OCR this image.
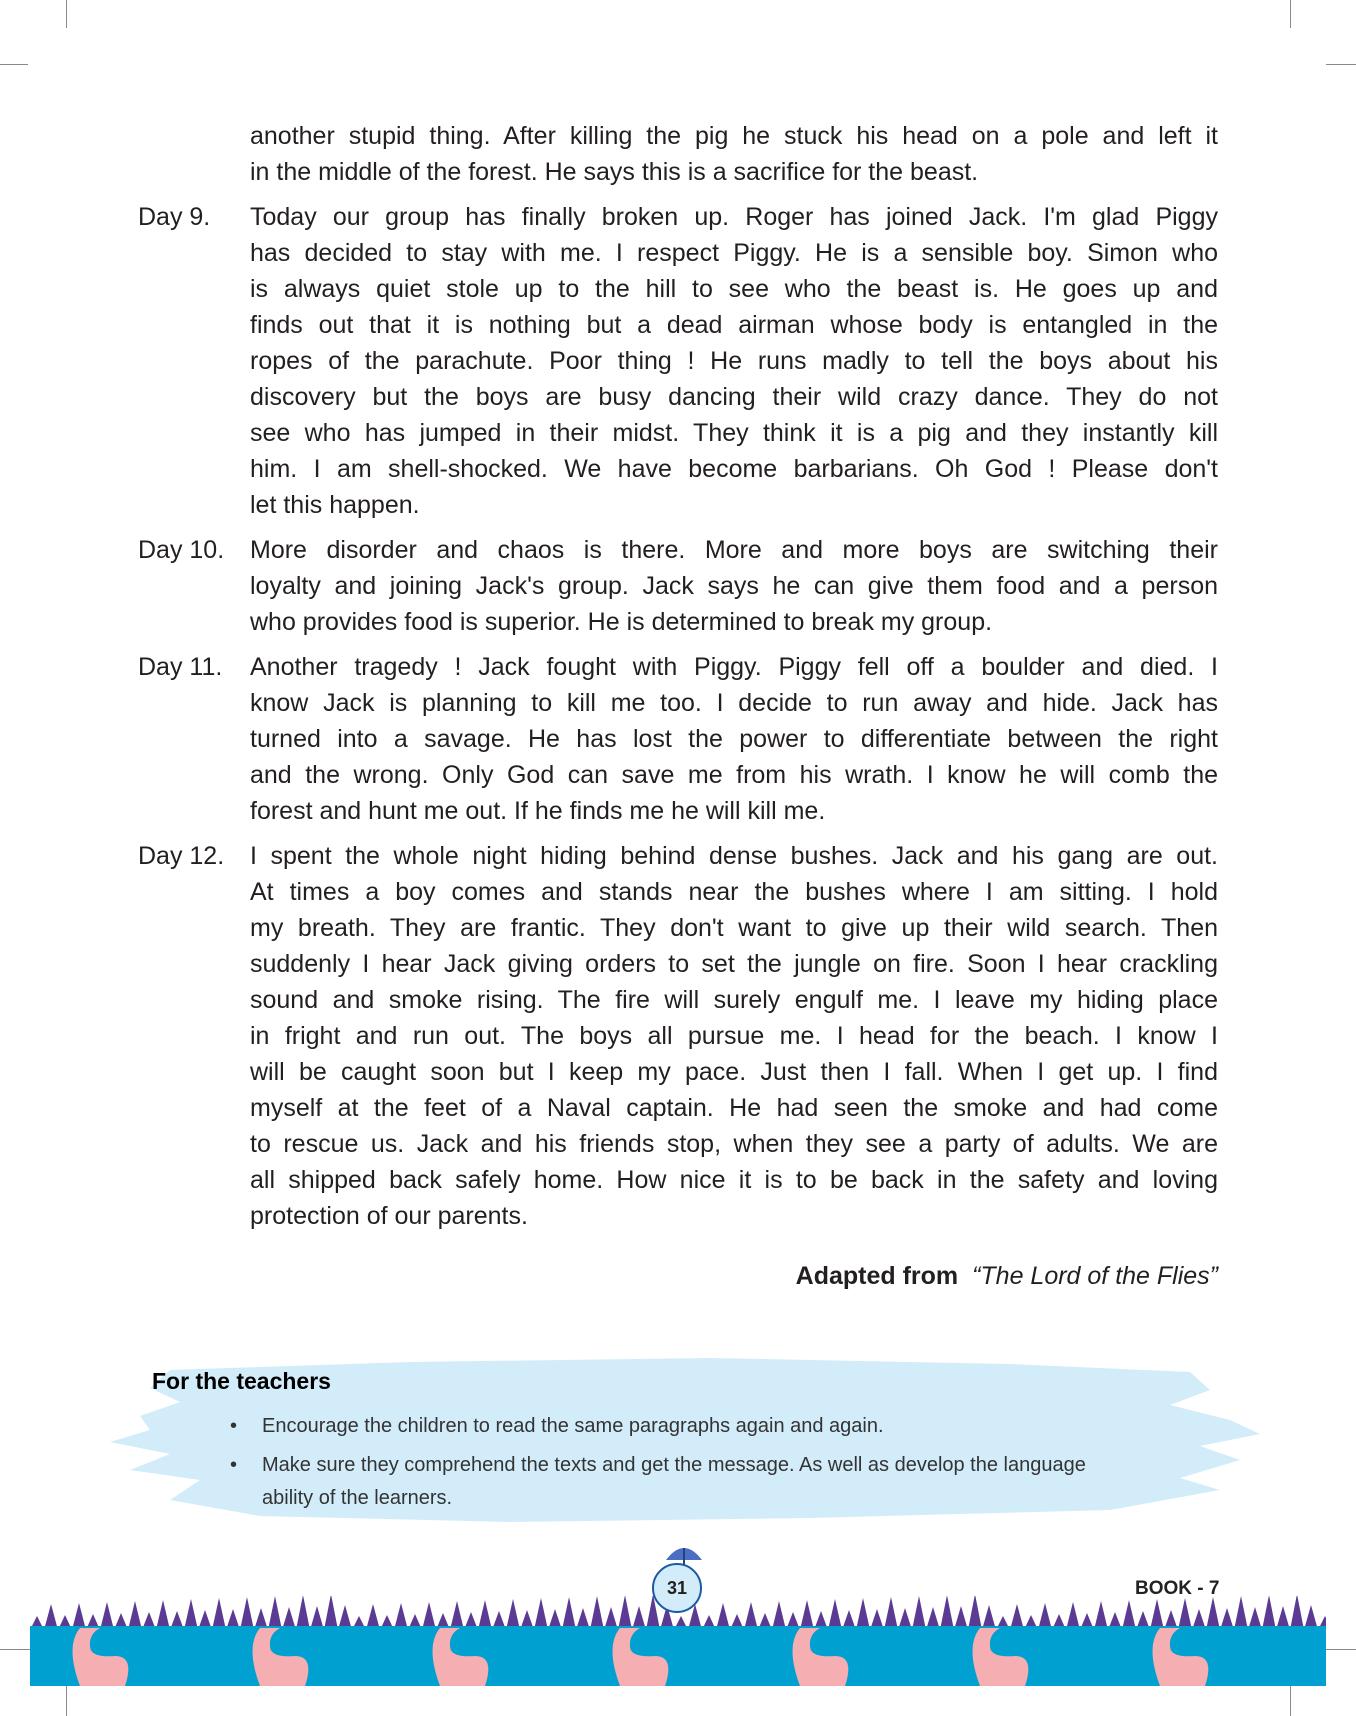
another stupid thing. After killing the pig he stuck his head on a pole and left it
in the middle of the forest. He says this is a sacrifice for the beast.
Day 9. Today our group has finally broken up. Roger has joined Jack. I'm glad Piggy
has decided to stay with me. I respect Piggy. He is a sensible boy. Simon who
is always quiet stole up to the hill to see who the beast is. He goes up and
finds out that it is nothing but a dead airman whose body is entangled in the
ropes of the parachute. Poor thing ! He runs madly to tell the boys about his
discovery but the boys are busy dancing their wild crazy dance. They do not
see who has jumped in their midst. They think it is a pig and they instantly kill
him. I am shell-shocked. We have become barbarians. Oh God ! Please don't
let this happen.
Day 10. More disorder and chaos is there. More and more boys are switching their
loyalty and joining Jack's group. Jack says he can give them food and a person
who provides food is superior. He is determined to break my group.
Day 11. Another tragedy ! Jack fought with Piggy. Piggy fell off a boulder and died. I
know Jack is planning to kill me too. I decide to run away and hide. Jack has
turned into a savage. He has lost the power to differentiate between the right
and the wrong. Only God can save me from his wrath. I know he will comb the
forest and hunt me out. If he finds me he will kill me.
Day 12. I spent the whole night hiding behind dense bushes. Jack and his gang are out.
At times a boy comes and stands near the bushes where I am sitting. I hold
my breath. They are frantic. They don't want to give up their wild search. Then
suddenly I hear Jack giving orders to set the jungle on fire. Soon I hear crackling
sound and smoke rising. The fire will surely engulf me. I leave my hiding place
in fright and run out. The boys all pursue me. I head for the beach. I know I
will be caught soon but I keep my pace. Just then I fall. When I get up. I find
myself at the feet of a Naval captain. He had seen the smoke and had come
to rescue us. Jack and his friends stop, when they see a party of adults. We are
all shipped back safely home. How nice it is to be back in the safety and loving
protection of our parents.
Adapted from “The Lord of the Flies”
For the teachers
• Encourage the children to read the same paragraphs again and again.
• Make sure they comprehend the texts and get the message. As well as develop the language ability of the learners.
31	BOOK - 7
